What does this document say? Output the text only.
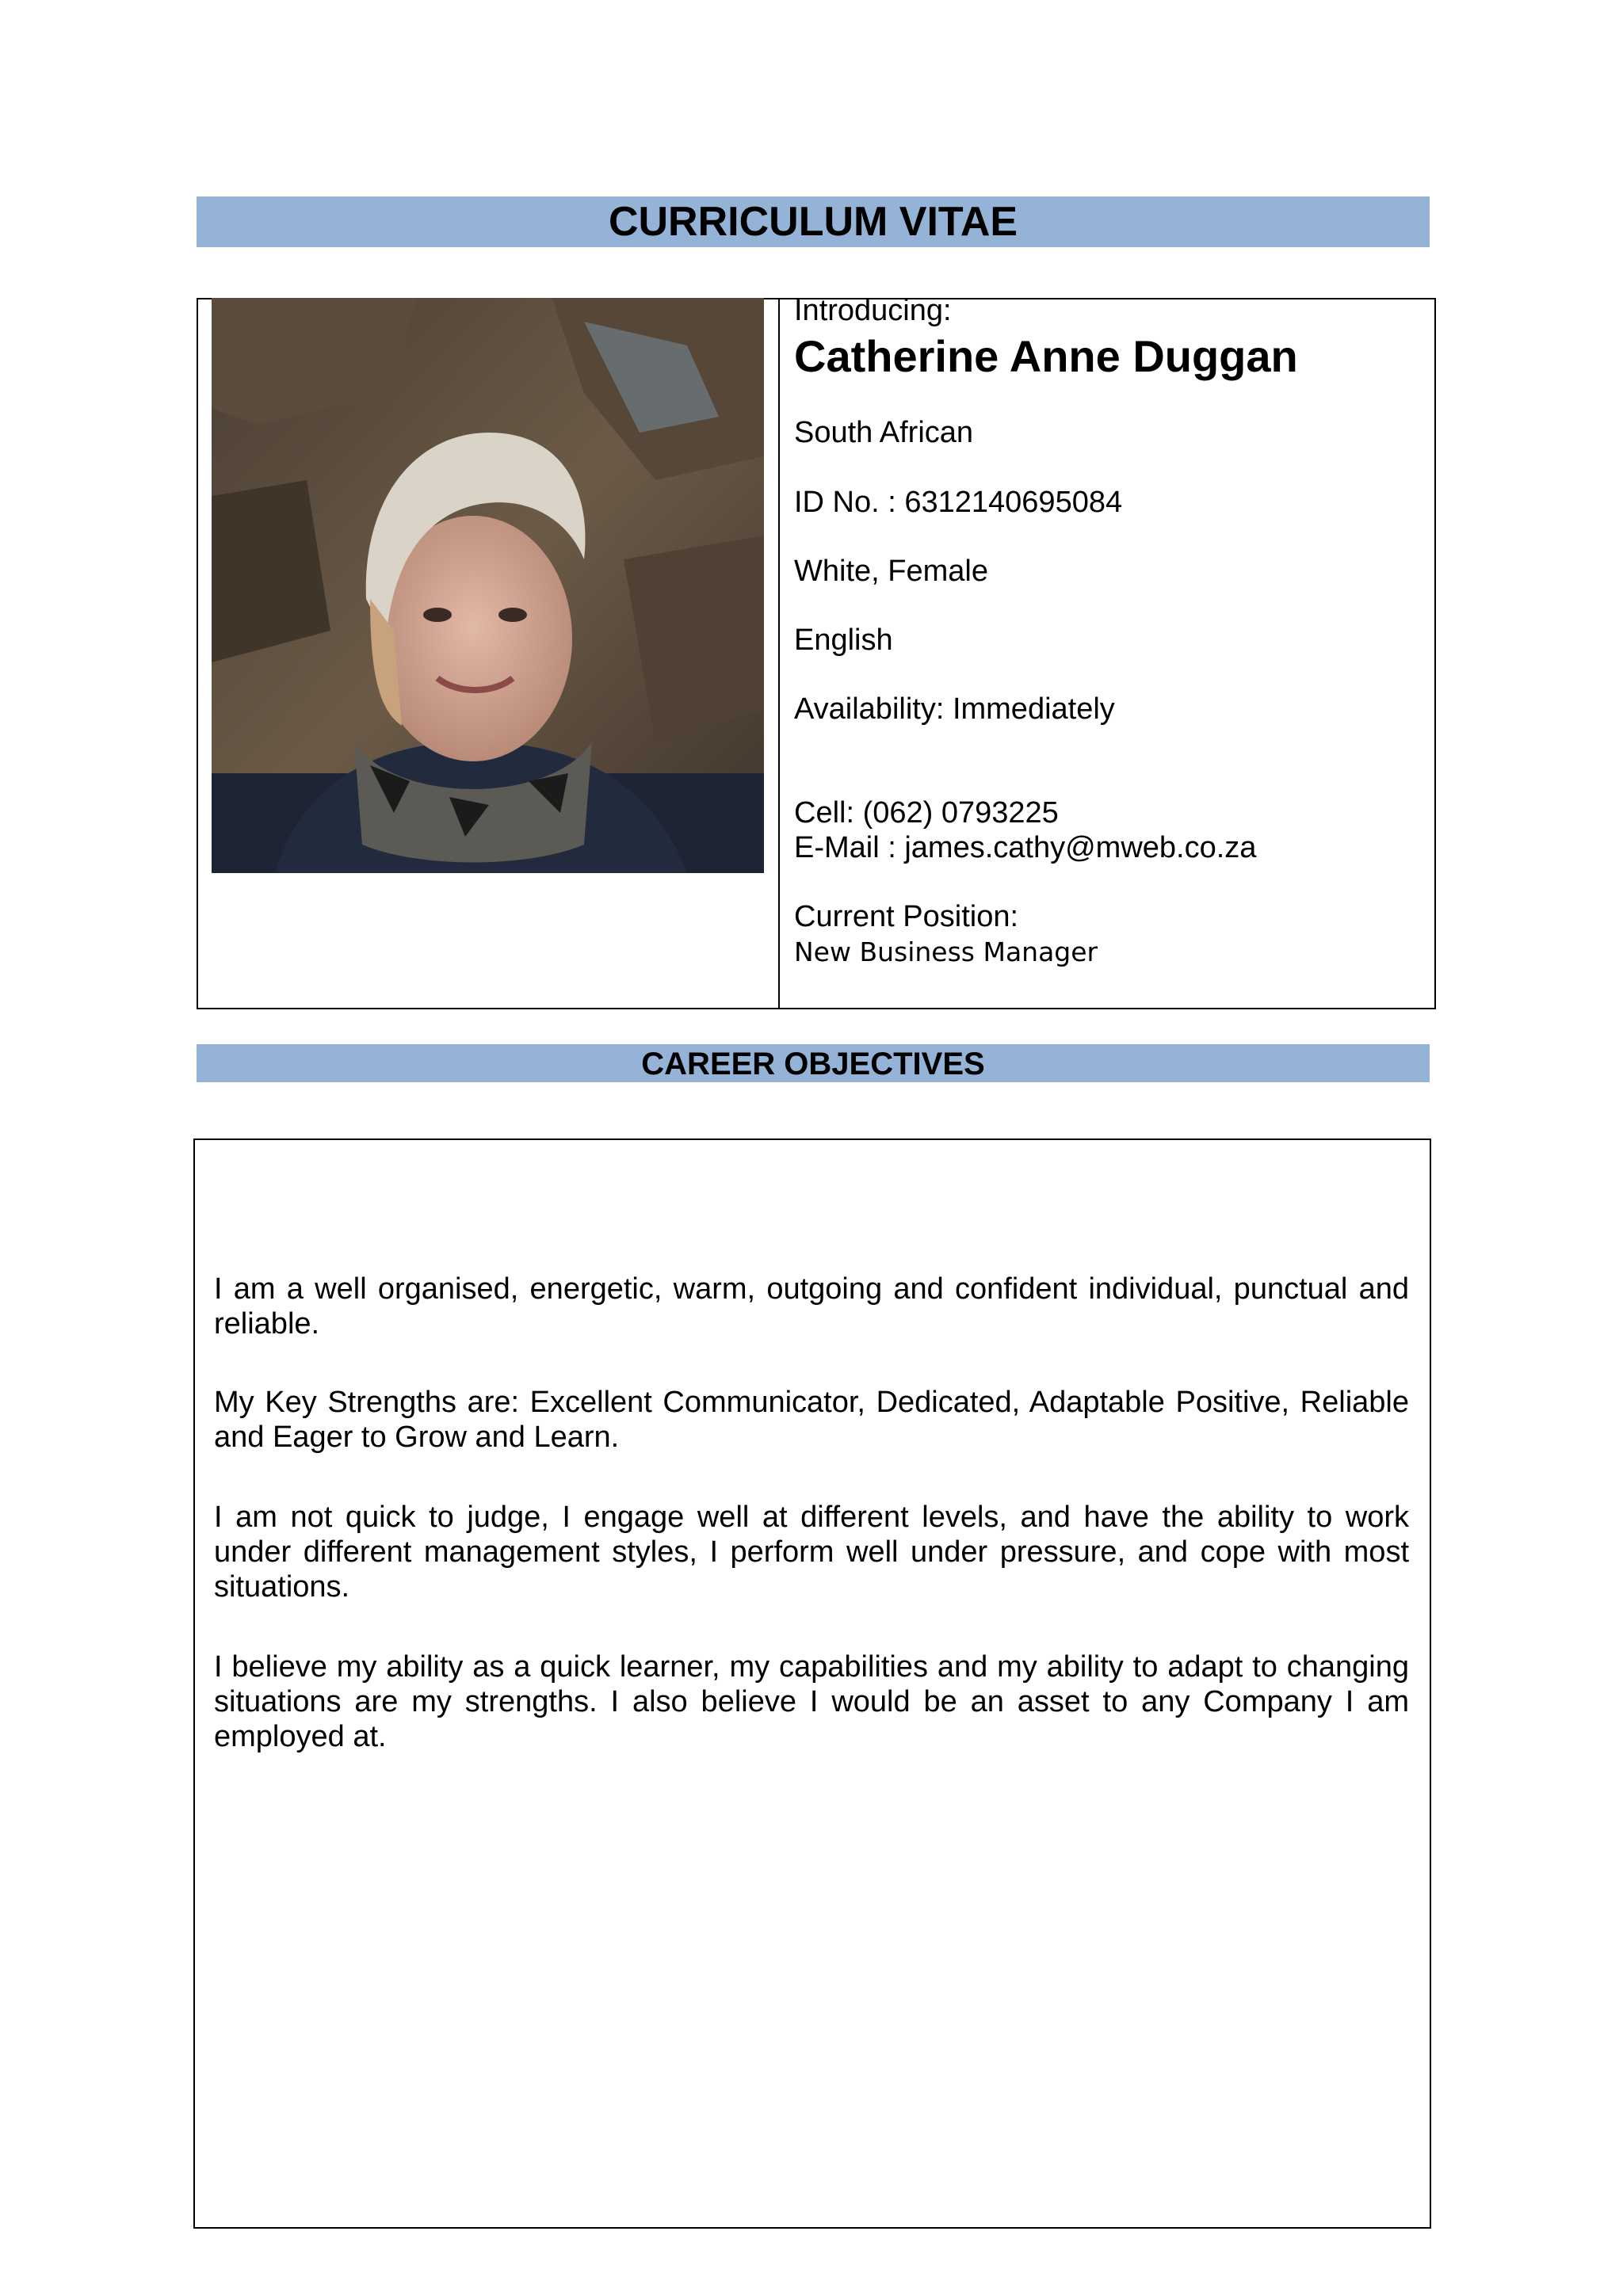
CURRICULUM VITAE
Introducing:
Catherine Anne Duggan
South African
ID No. : 6312140695084
White, Female
English
Availability: Immediately
Cell: (062) 0793225
E-Mail : james.cathy@mweb.co.za
Current Position:
New Business Manager
CAREER OBJECTIVES

I am a well organised, energetic, warm, outgoing and confident individual, punctual and reliable.

My Key Strengths are: Excellent Communicator, Dedicated, Adaptable Positive, Reliable and Eager to Grow and Learn.

I am not quick to judge, I engage well at different levels, and have the ability to work under different management styles, I perform well under pressure, and cope with most situations.

I believe my ability as a quick learner, my capabilities and my ability to adapt to changing situations are my strengths. I also believe I would be an asset to any Company I am employed at.
